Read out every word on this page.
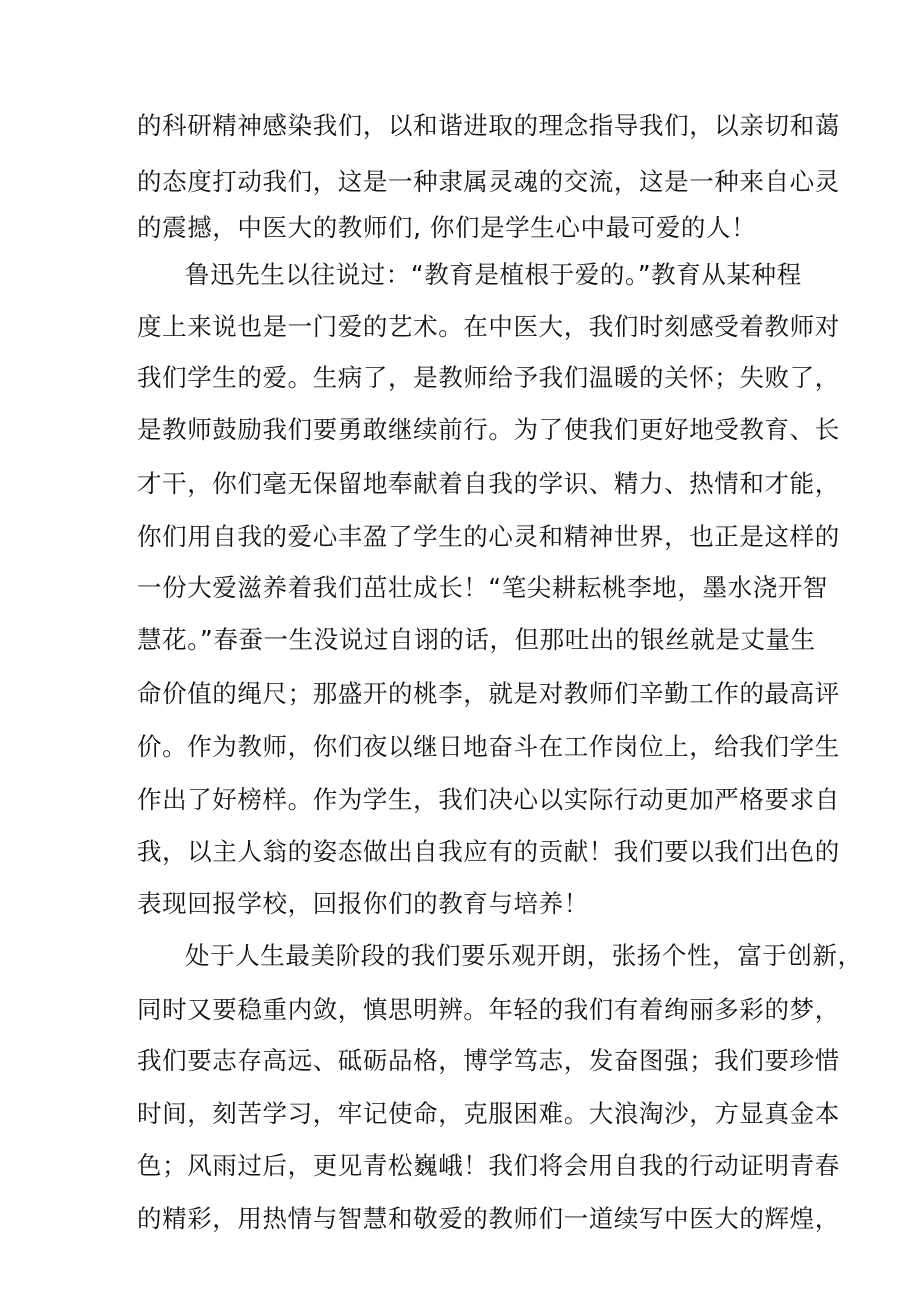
的科研精神感染我们，以和谐进取的理念指导我们，以亲切和蔼
的态度打动我们，这是一种隶属灵魂的交流，这是一种来自心灵
的震撼，中医大的教师们, 你们是学生心中最可爱的人！
鲁迅先生以往说过：“教育是植根于爱的。”教育从某种程
度上来说也是一门爱的艺术。在中医大，我们时刻感受着教师对
我们学生的爱。生病了，是教师给予我们温暖的关怀；失败了，
是教师鼓励我们要勇敢继续前行。为了使我们更好地受教育、长
才干，你们毫无保留地奉献着自我的学识、精力、热情和才能，
你们用自我的爱心丰盈了学生的心灵和精神世界，也正是这样的
一份大爱滋养着我们茁壮成长！“笔尖耕耘桃李地，墨水浇开智
慧花。”春蚕一生没说过自诩的话，但那吐出的银丝就是丈量生
命价值的绳尺；那盛开的桃李，就是对教师们辛勤工作的最高评
价。作为教师，你们夜以继日地奋斗在工作岗位上，给我们学生
作出了好榜样。作为学生，我们决心以实际行动更加严格要求自
我，以主人翁的姿态做出自我应有的贡献！我们要以我们出色的
表现回报学校，回报你们的教育与培养！
处于人生最美阶段的我们要乐观开朗，张扬个性，富于创新，
同时又要稳重内敛，慎思明辨。年轻的我们有着绚丽多彩的梦，
我们要志存高远、砥砺品格，博学笃志，发奋图强；我们要珍惜
时间，刻苦学习，牢记使命，克服困难。大浪淘沙，方显真金本
色；风雨过后，更见青松巍峨！我们将会用自我的行动证明青春
的精彩，用热情与智慧和敬爱的教师们一道续写中医大的辉煌，
